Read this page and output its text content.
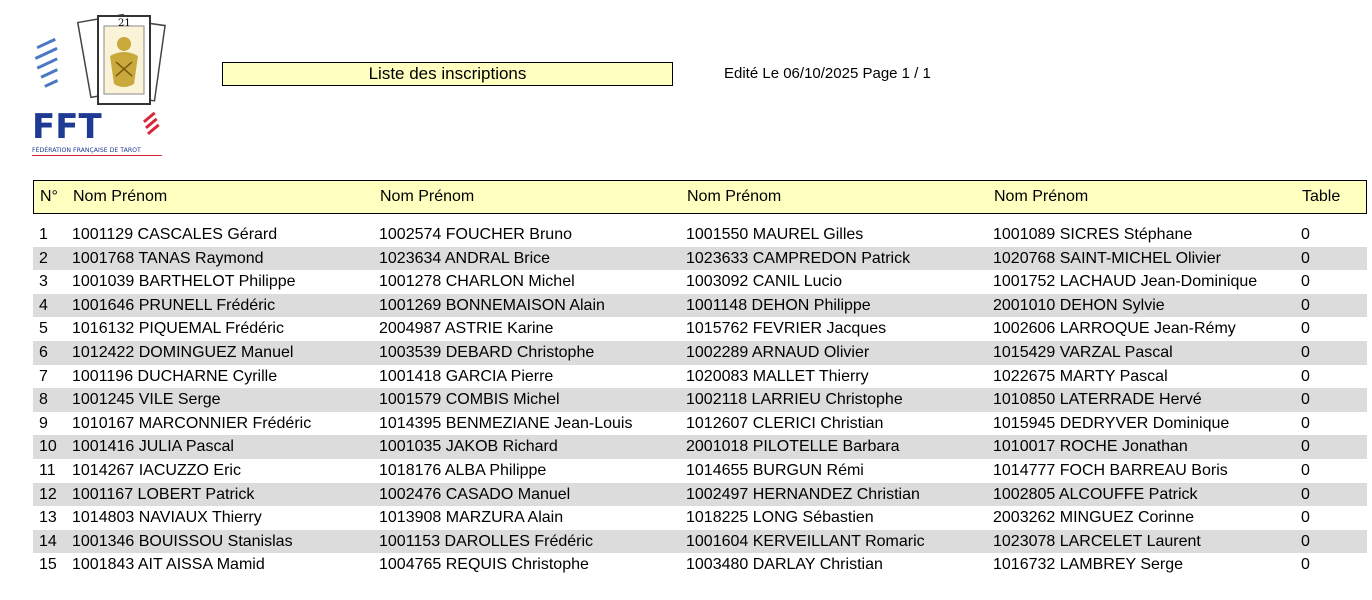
21
FFT
FÉDÉRATION FRANÇAISE DE TAROT
Liste des inscriptions	Edité Le 06/10/2025 Page 1 / 1
N° Nom Prénom	Nom Prénom	Nom Prénom	Nom Prénom	Table
1 1001129 CASCALES Gérard	1002574 FOUCHER Bruno	1001550 MAUREL Gilles	1001089 SICRES Stéphane	0
2 1001768 TANAS Raymond	1023634 ANDRAL Brice	1023633 CAMPREDON Patrick	1020768 SAINT-MICHEL Olivier	0
3 1001039 BARTHELOT Philippe	1001278 CHARLON Michel	1003092 CANIL Lucio	1001752 LACHAUD Jean-Dominique	0
4 1001646 PRUNELL Frédéric	1001269 BONNEMAISON Alain	1001148 DEHON Philippe	2001010 DEHON Sylvie	0
5 1016132 PIQUEMAL Frédéric	2004987 ASTRIE Karine	1015762 FEVRIER Jacques	1002606 LARROQUE Jean-Rémy	0
6 1012422 DOMINGUEZ Manuel	1003539 DEBARD Christophe	1002289 ARNAUD Olivier	1015429 VARZAL Pascal	0
7 1001196 DUCHARNE Cyrille	1001418 GARCIA Pierre	1020083 MALLET Thierry	1022675 MARTY Pascal	0
8 1001245 VILE Serge	1001579 COMBIS Michel	1002118 LARRIEU Christophe	1010850 LATERRADE Hervé	0
9 1010167 MARCONNIER Frédéric	1014395 BENMEZIANE Jean-Louis	1012607 CLERICI Christian	1015945 DEDRYVER Dominique	0
10 1001416 JULIA Pascal	1001035 JAKOB Richard	2001018 PILOTELLE Barbara	1010017 ROCHE Jonathan	0
11 1014267 IACUZZO Eric	1018176 ALBA Philippe	1014655 BURGUN Rémi	1014777 FOCH BARREAU Boris	0
12 1001167 LOBERT Patrick	1002476 CASADO Manuel	1002497 HERNANDEZ Christian	1002805 ALCOUFFE Patrick	0
13 1014803 NAVIAUX Thierry	1013908 MARZURA Alain	1018225 LONG Sébastien	2003262 MINGUEZ Corinne	0
14 1001346 BOUISSOU Stanislas	1001153 DAROLLES Frédéric	1001604 KERVEILLANT Romaric	1023078 LARCELET Laurent	0
15 1001843 AIT AISSA Mamid	1004765 REQUIS Christophe	1003480 DARLAY Christian	1016732 LAMBREY Serge	0
